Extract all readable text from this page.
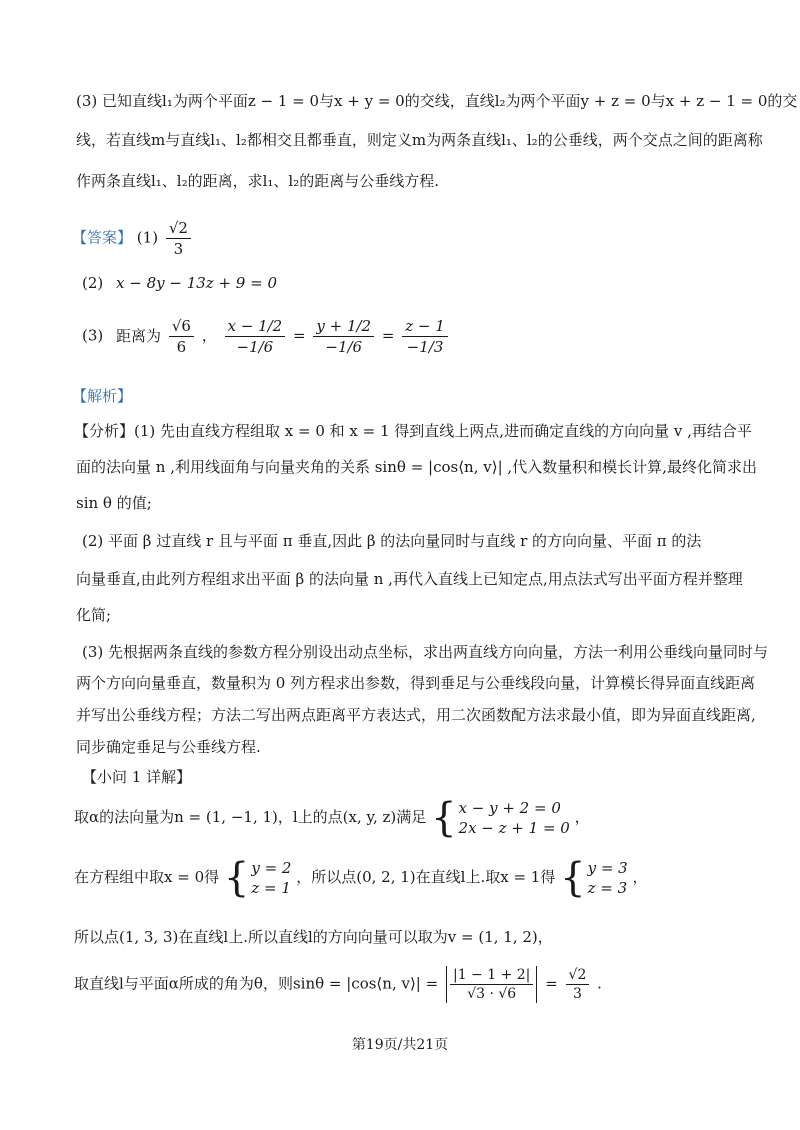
(3) 已知直线l₁为两个平面z − 1 = 0与x + y = 0的交线，直线l₂为两个平面y + z = 0与x + z − 1 = 0的交
线，若直线m与直线l₁、l₂都相交且都垂直，则定义m为两条直线l₁、l₂的公垂线，两个交点之间的距离称
作两条直线l₁、l₂的距离，求l₁、l₂的距离与公垂线方程.
【答案】 $(1) \frac{√2}{3}$
(2) x − 8y − 13z + 9 = 0
(3) 距离为 $\frac{√6}{6}$ ， $\frac{x - 1/2}{-1/6} = \frac{y + 1/2}{-1/6} = \frac{z - 1}{-1/3}$
【解析】
【分析】(1) 先由直线方程组取 x = 0 和 x = 1 得到直线上两点,进而确定直线的方向向量 v ,再结合平
面的法向量 n ,利用线面角与向量夹角的关系 sinθ = |cos⟨n, v⟩| ,代入数量积和模长计算,最终化简求出
sin θ 的值;
(2) 平面 β 过直线 r 且与平面 π 垂直,因此 β 的法向量同时与直线 r 的方向向量、平面 π 的法
向量垂直,由此列方程组求出平面 β 的法向量 n ,再代入直线上已知定点,用点法式写出平面方程并整理
化简;
(3) 先根据两条直线的参数方程分别设出动点坐标，求出两直线方向向量，方法一利用公垂线向量同时与
两个方向向量垂直，数量积为 0 列方程求出参数，得到垂足与公垂线段向量，计算模长得异面直线距离
并写出公垂线方程；方法二写出两点距离平方表达式，用二次函数配方法求最小值，即为异面直线距离,
同步确定垂足与公垂线方程.
【小问 1 详解】
取α的法向量为n = (1, −1, 1)，l上的点(x, y, z)满足 { x − y + 2 = 0
2x − z + 1 = 0
，
在方程组中取x = 0得 { y = 2
z = 1
，所以点(0, 2, 1)在直线l上.取x = 1得 { y = 3
z = 3
，
所以点(1, 3, 3)在直线l上.所以直线l的方向向量可以取为v = (1, 1, 2)，
取直线l与平面α所成的角为θ，则sinθ = |cos⟨n, v⟩| = $\frac{|1 - 1 + 2|}{√3 \cdot √6} = \frac{√2}{3}$ .
第19页/共21页
